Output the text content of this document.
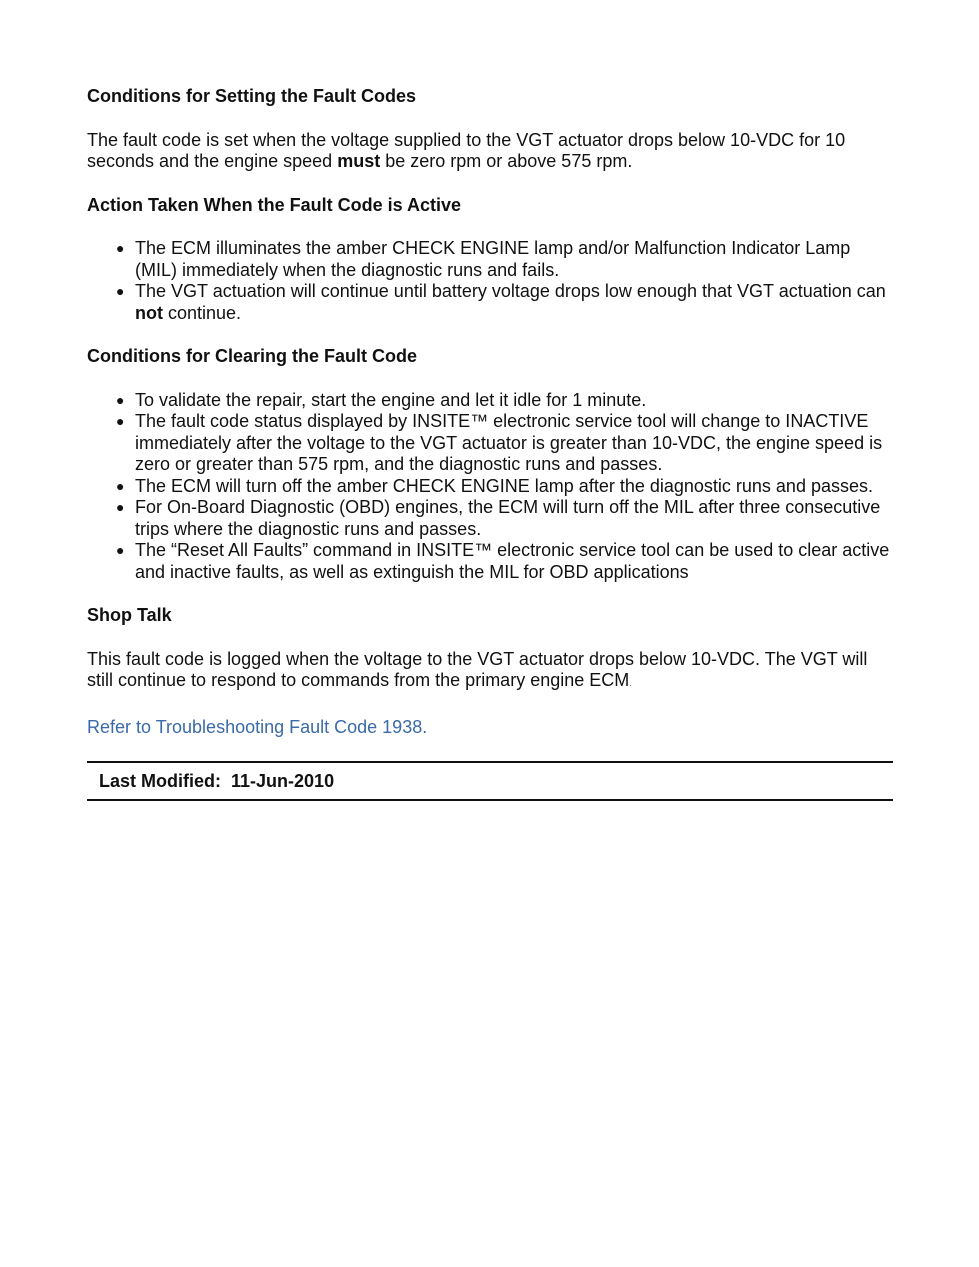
Conditions for Setting the Fault Codes

The fault code is set when the voltage supplied to the VGT actuator drops below 10-VDC for 10 seconds and the engine speed must be zero rpm or above 575 rpm.

Action Taken When the Fault Code is Active
● The ECM illuminates the amber CHECK ENGINE lamp and/or Malfunction Indicator Lamp (MIL) immediately when the diagnostic runs and fails.
● The VGT actuation will continue until battery voltage drops low enough that VGT actuation can not continue.
Conditions for Clearing the Fault Code
● To validate the repair, start the engine and let it idle for 1 minute.
● The fault code status displayed by INSITE™ electronic service tool will change to INACTIVE immediately after the voltage to the VGT actuator is greater than 10-VDC, the engine speed is zero or greater than 575 rpm, and the diagnostic runs and passes.
● The ECM will turn off the amber CHECK ENGINE lamp after the diagnostic runs and passes.
● For On-Board Diagnostic (OBD) engines, the ECM will turn off the MIL after three consecutive trips where the diagnostic runs and passes.
● The “Reset All Faults” command in INSITE™ electronic service tool can be used to clear active and inactive faults, as well as extinguish the MIL for OBD applications
Shop Talk

This fault code is logged when the voltage to the VGT actuator drops below 10-VDC. The VGT will still continue to respond to commands from the primary engine ECM.

Refer to Troubleshooting Fault Code 1938.

Last Modified: 11-Jun-2010
